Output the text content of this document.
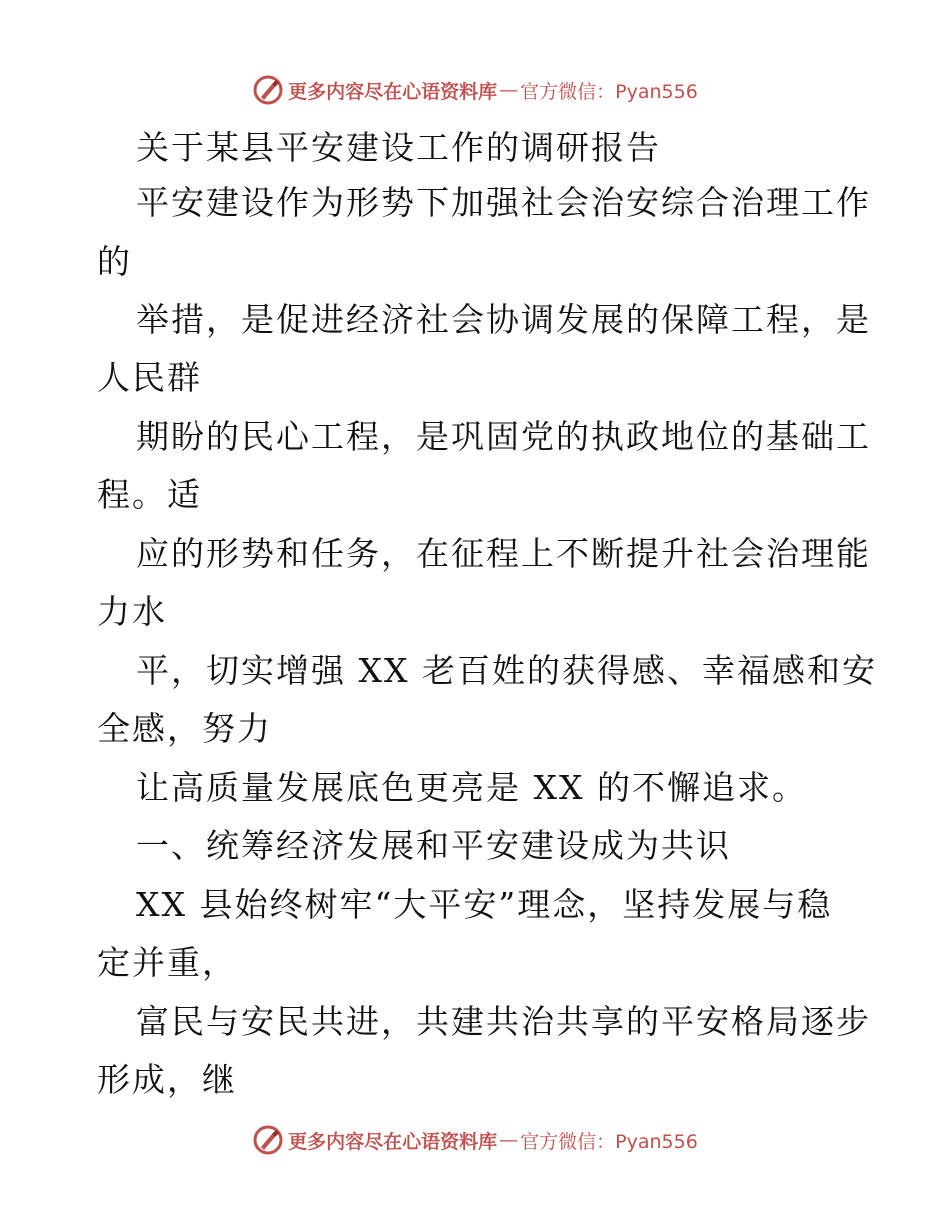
更多内容尽在心语资料库 — 官方微信：Pyan556
关于某县平安建设工作的调研报告
平安建设作为形势下加强社会治安综合治理工作
的
举措，是促进经济社会协调发展的保障工程，是
人民群
期盼的民心工程，是巩固党的执政地位的基础工
程。适
应的形势和任务，在征程上不断提升社会治理能
力水
平，切实增强 XX 老百姓的获得感、幸福感和安
全感，努力
让高质量发展底色更亮是 XX 的不懈追求。
一、统筹经济发展和平安建设成为共识
XX 县始终树牢“大平安”理念，坚持发展与稳
定并重，
富民与安民共进，共建共治共享的平安格局逐步
形成，继
更多内容尽在心语资料库 — 官方微信：Pyan556
